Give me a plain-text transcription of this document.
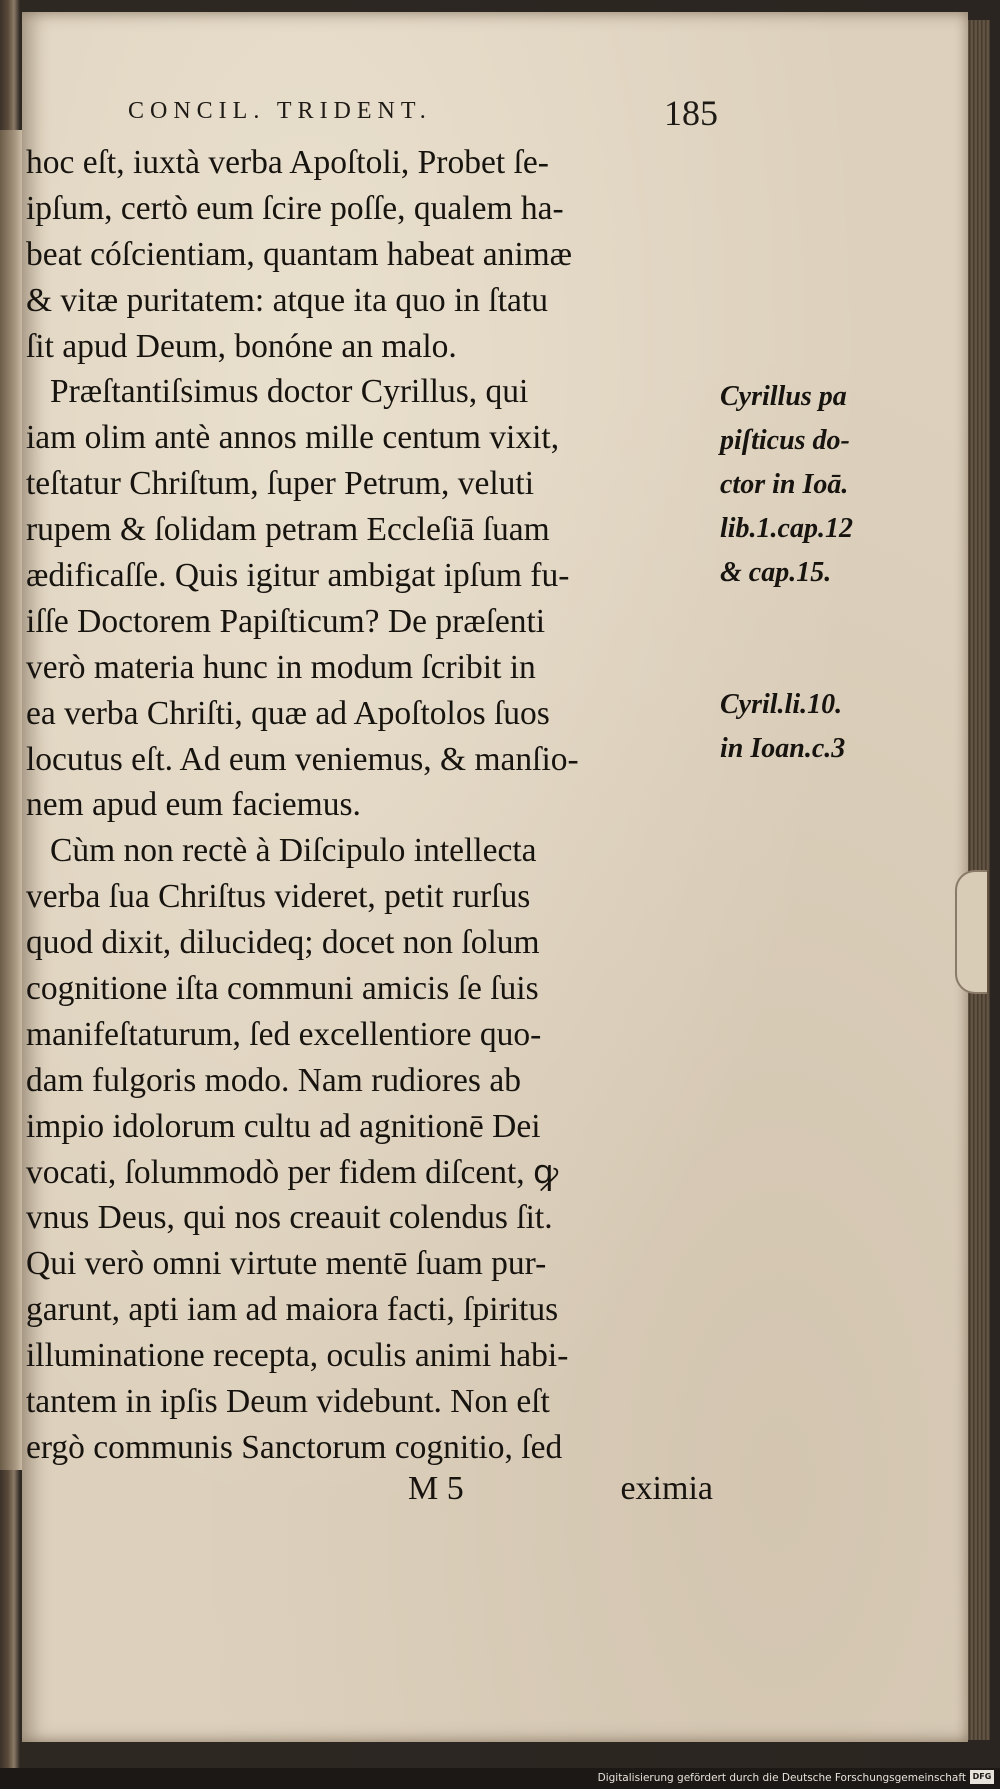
CONCIL. TRIDENT.	185
hoc eſt, iuxtà verba Apoſtoli, Probet ſe-
ipſum, certò eum ſcire poſſe, qualem ha-
beat cóſcientiam, quantam habeat animæ
& vitæ puritatem: atque ita quo in ſtatu
ſit apud Deum, bonóne an malo.
Præſtantiſsimus doctor Cyrillus, qui
iam olim antè annos mille centum vixit,
teſtatur Chriſtum, ſuper Petrum, veluti
rupem & ſolidam petram Eccleſiā ſuam
ædificaſſe. Quis igitur ambigat ipſum fu-
iſſe Doctorem Papiſticum? De præſenti
verò materia hunc in modum ſcribit in
ea verba Chriſti, quæ ad Apoſtolos ſuos
locutus eſt. Ad eum veniemus, & manſio-
nem apud eum faciemus.
Cùm non rectè à Diſcipulo intellecta
verba ſua Chriſtus videret, petit rurſus
quod dixit, dilucideq; docet non ſolum
cognitione iſta communi amicis ſe ſuis
manifeſtaturum, ſed excellentiore quo-
dam fulgoris modo. Nam rudiores ab
impio idolorum cultu ad agnitionē Dei
vocati, ſolummodò per fidem diſcent, ꝙ
vnus Deus, qui nos creauit colendus ſit.
Qui verò omni virtute mentē ſuam pur-
garunt, apti iam ad maiora facti, ſpiritus
illuminatione recepta, oculis animi habi-
tantem in ipſis Deum videbunt. Non eſt
ergò communis Sanctorum cognitio, ſed
Cyrillus pa
piſticus do-
ctor in Ioā.
lib.1.cap.12
& cap.15.
Cyril.li.10.
in Ioan.c.3
M 5	eximia
Digitalisierung gefördert durch die Deutsche Forschungsgemeinschaft DFG
